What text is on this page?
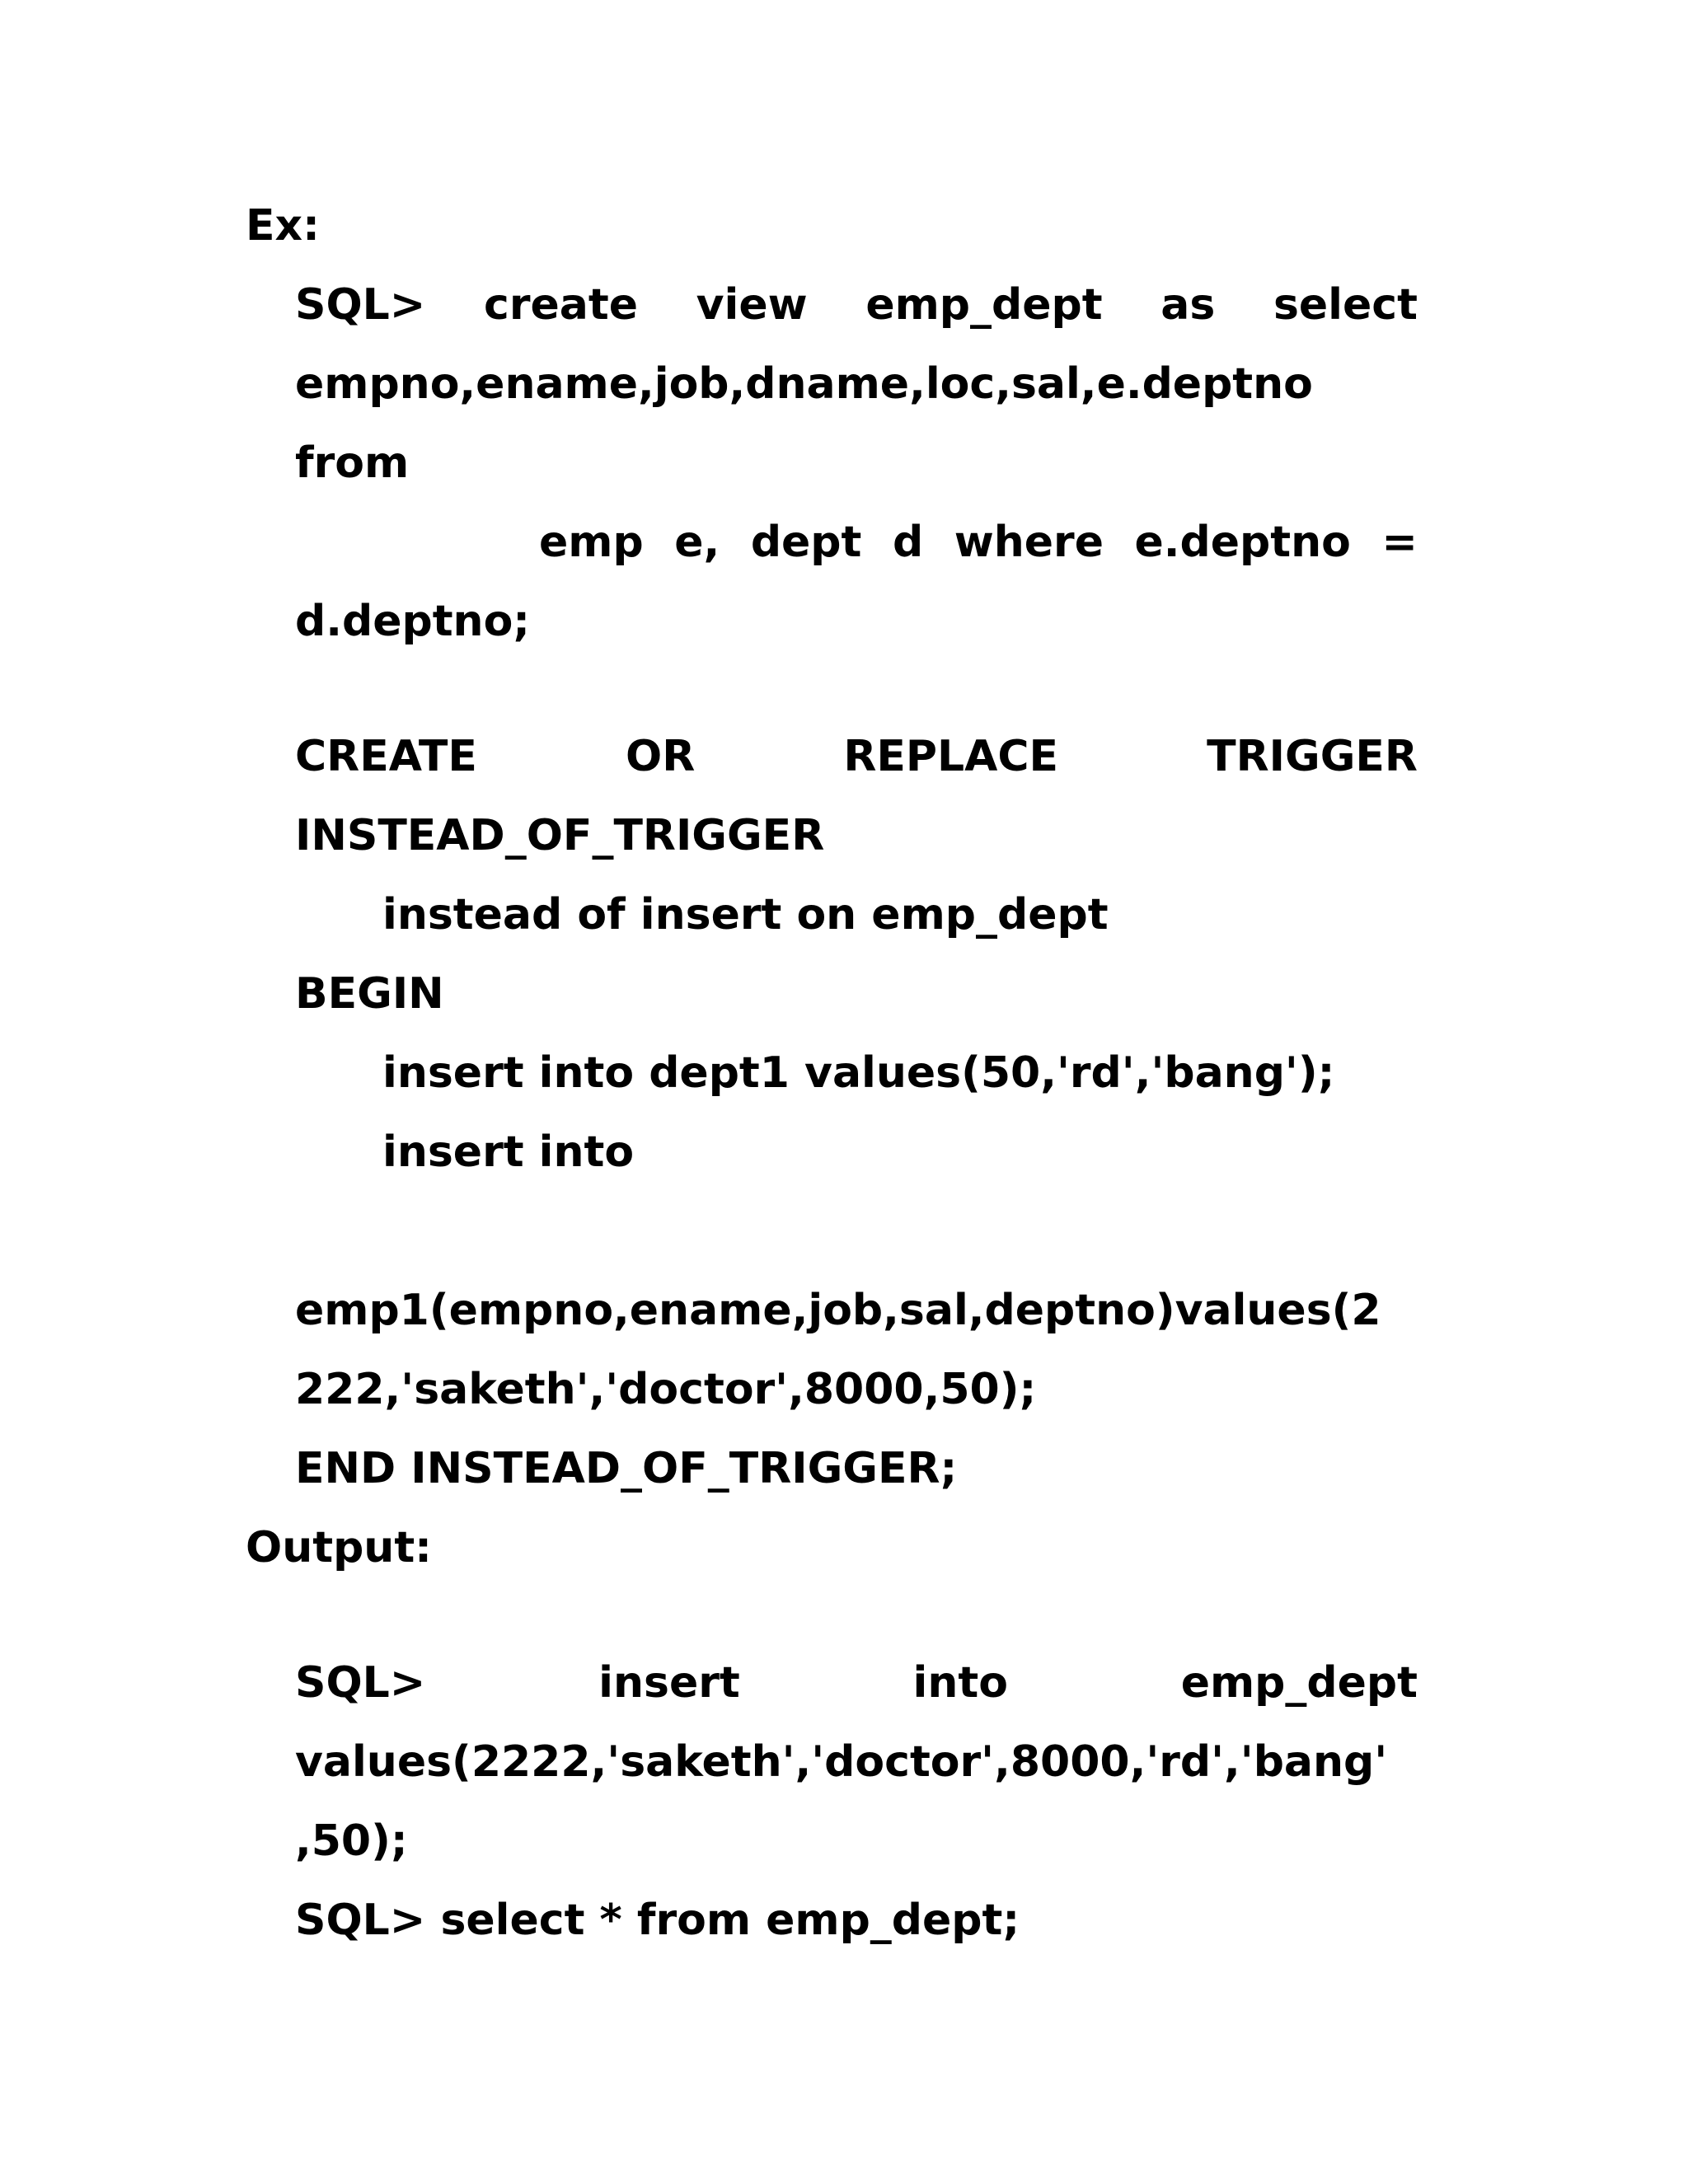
Ex:
SQL> create view emp_dept as select
empno,ename,job,dname,loc,sal,e.deptno
from
emp e, dept d where e.deptno =
d.deptno;
CREATE	OR	REPLACE	TRIGGER
INSTEAD_OF_TRIGGER
instead of insert on emp_dept
BEGIN
insert into dept1 values(50,'rd','bang');
insert into
emp1(empno,ename,job,sal,deptno)values(2
222,'saketh','doctor',8000,50);
END INSTEAD_OF_TRIGGER;
Output:
SQL>	insert	into	emp_dept
values(2222,'saketh','doctor',8000,'rd','bang'
,50);
SQL> select * from emp_dept;
